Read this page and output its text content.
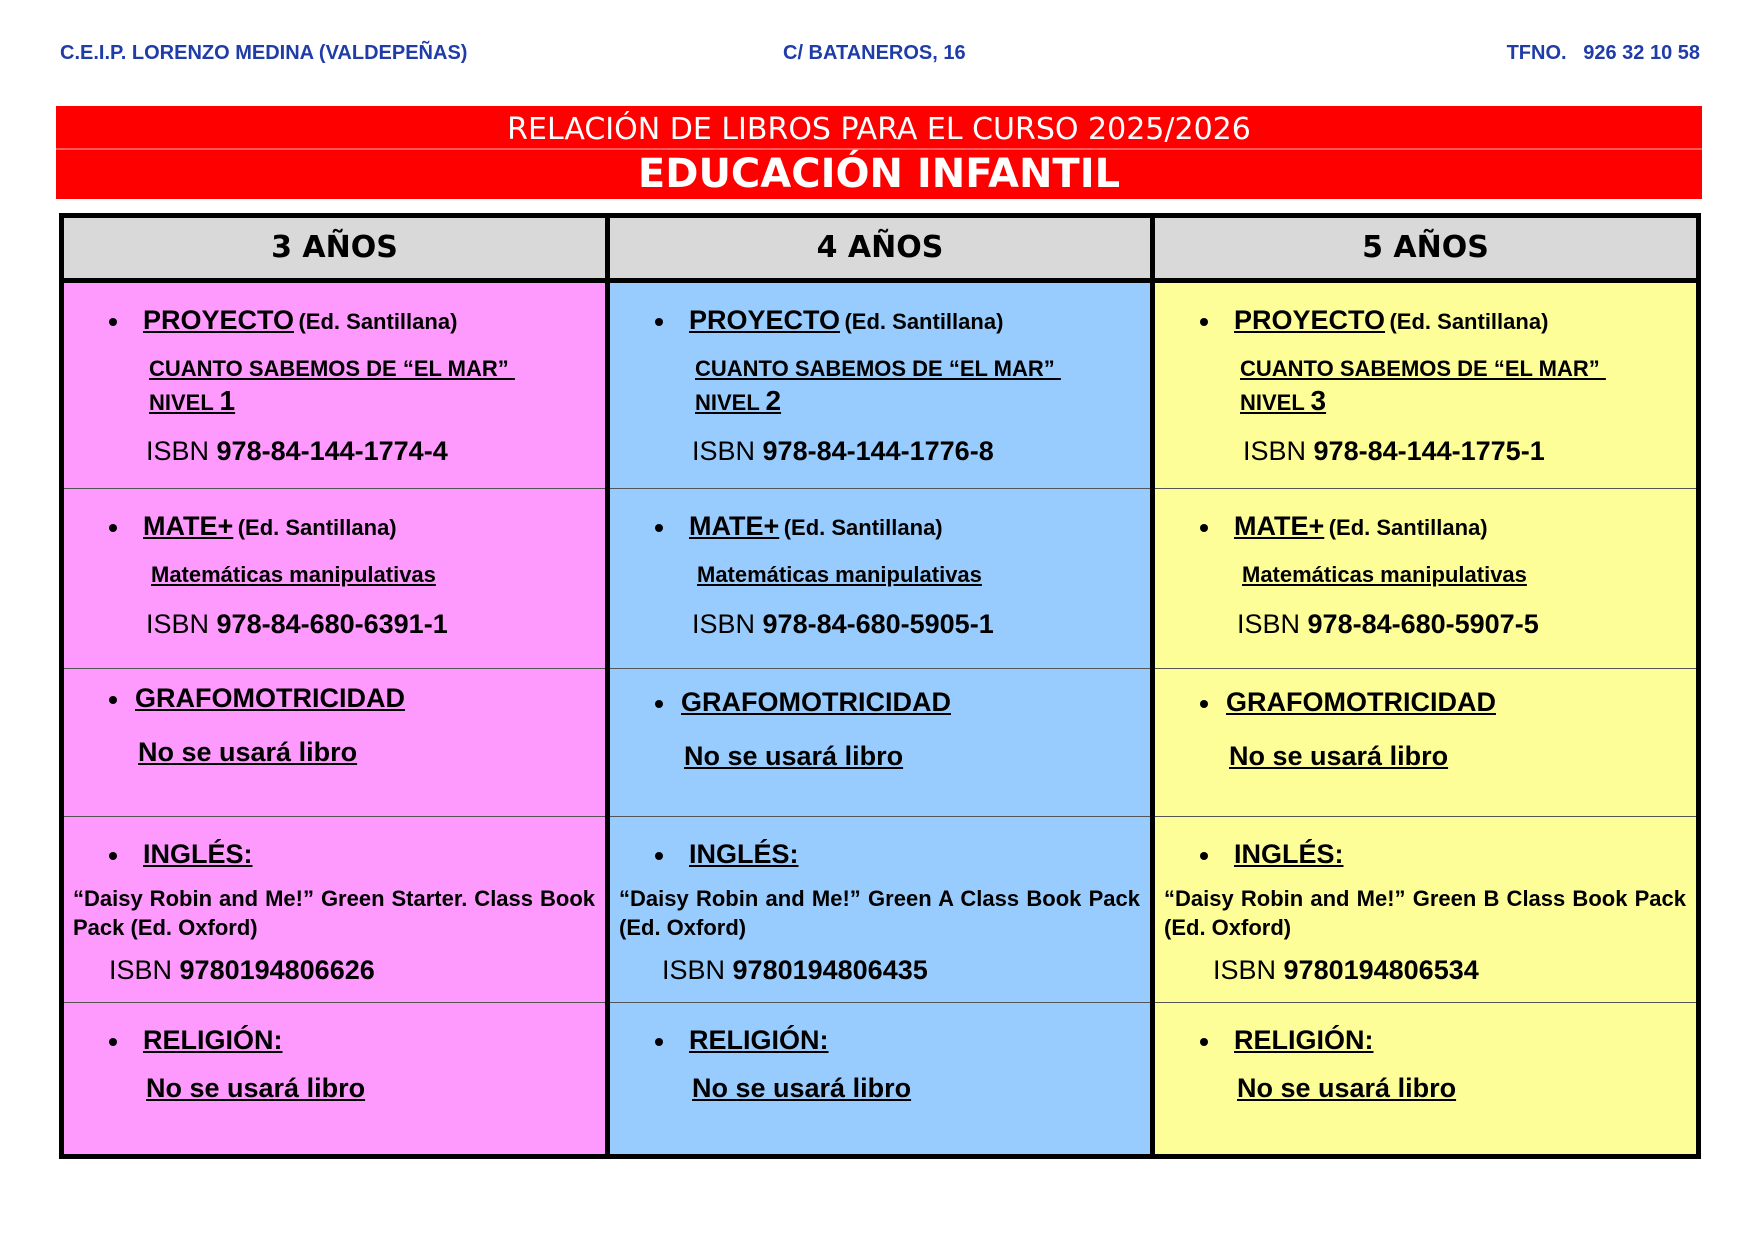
C.E.I.P. LORENZO MEDINA (VALDEPEÑAS)	C/ BATANEROS, 16	TFNO.   926 32 10 58
RELACIÓN DE LIBROS PARA EL CURSO 2025/2026
EDUCACIÓN INFANTIL
3 AÑOS
PROYECTO (Ed. Santillana)
CUANTO SABEMOS DE “EL MAR”
NIVEL 1
ISBN 978-84-144-1774-4
MATE+ (Ed. Santillana)
Matemáticas manipulativas
ISBN 978-84-680-6391-1
GRAFOMOTRICIDAD
No se usará libro
INGLÉS:
“Daisy Robin and Me!” Green Starter. Class Book Pack (Ed. Oxford)
ISBN 9780194806626
RELIGIÓN:
No se usará libro
4 AÑOS
PROYECTO (Ed. Santillana)
CUANTO SABEMOS DE “EL MAR”
NIVEL 2
ISBN 978-84-144-1776-8
MATE+ (Ed. Santillana)
Matemáticas manipulativas
ISBN 978-84-680-5905-1
GRAFOMOTRICIDAD
No se usará libro
INGLÉS:
“Daisy Robin and Me!” Green A Class Book Pack (Ed. Oxford)
ISBN 9780194806435
RELIGIÓN:
No se usará libro
5 AÑOS
PROYECTO (Ed. Santillana)
CUANTO SABEMOS DE “EL MAR”
NIVEL 3
ISBN 978-84-144-1775-1
MATE+ (Ed. Santillana)
Matemáticas manipulativas
ISBN 978-84-680-5907-5
GRAFOMOTRICIDAD
No se usará libro
INGLÉS:
“Daisy Robin and Me!” Green B Class Book Pack (Ed. Oxford)
ISBN 9780194806534
RELIGIÓN:
No se usará libro
